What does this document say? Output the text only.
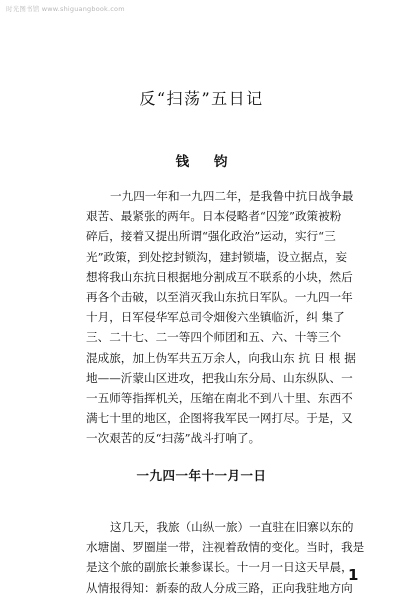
时光图书馆 www.shiguangbook.com
反“扫荡”五日记
钱 钧
一九四一年和一九四二年，是我鲁中抗日战争最
艰苦、最紧张的两年。日本侵略者“囚笼”政策被粉
碎后，接着又提出所谓“强化政治”运动，实行“三
光”政策，到处挖封锁沟，建封锁墙，设立据点，妄
想将我山东抗日根据地分割成互不联系的小块，然后
再各个击破，以至消灭我山东抗日军队。一九四一年
十月，日军侵华军总司令畑俊六坐镇临沂，纠 集了
三、二十七、二一等四个师团和五、六、十等三个
混成旅，加上伪军共五万余人，向我山东 抗 日 根 据
地——沂蒙山区进攻，把我山东分局、山东纵队、一
一五师等指挥机关，压缩在南北不到八十里、东西不
满七十里的地区，企图将我军民一网打尽。于是，又
一次艰苦的反“扫荡”战斗打响了。
一九四一年十一月一日
这几天，我旅（山纵一旅）一直驻在旧寨以东的
水塘崮、罗圈崖一带，注视着敌情的变化。当时，我是
是这个旅的副旅长兼参谋长。十一月一日这天早晨，
从情报得知：新泰的敌人分成三路，正向我驻地方向
1
